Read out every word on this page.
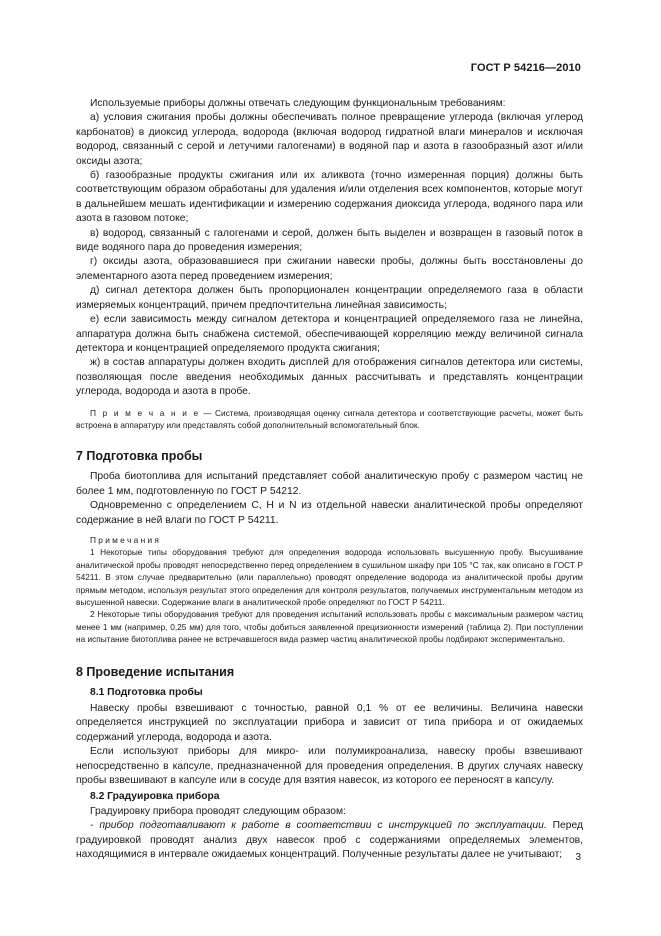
ГОСТ Р 54216—2010

Используемые приборы должны отвечать следующим функциональным требованиям:

а) условия сжигания пробы должны обеспечивать полное превращение углерода (включая углерод карбонатов) в диоксид углерода, водорода (включая водород гидратной влаги минералов и исключая водород, связанный с серой и летучими галогенами) в водяной пар и азота в газообразный азот и/или оксиды азота;

б) газообразные продукты сжигания или их аликвота (точно измеренная порция) должны быть соответствующим образом обработаны для удаления и/или отделения всех компонентов, которые могут в дальнейшем мешать идентификации и измерению содержания диоксида углерода, водяного пара или азота в газовом потоке;

в) водород, связанный с галогенами и серой, должен быть выделен и возвращен в газовый поток в виде водяного пара до проведения измерения;

г) оксиды азота, образовавшиеся при сжигании навески пробы, должны быть восстановлены до элементарного азота перед проведением измерения;

д) сигнал детектора должен быть пропорционален концентрации определяемого газа в области измеряемых концентраций, причем предпочтительна линейная зависимость;

е) если зависимость между сигналом детектора и концентрацией определяемого газа не линейна, аппаратура должна быть снабжена системой, обеспечивающей корреляцию между величиной сигнала детектора и концентрацией определяемого продукта сжигания;

ж) в состав аппаратуры должен входить дисплей для отображения сигналов детектора или системы, позволяющая после введения необходимых данных рассчитывать и представлять концентрации углерода, водорода и азота в пробе.

П р и м е ч а н и е — Система, производящая оценку сигнала детектора и соответствующие расчеты, может быть встроена в аппаратуру или представлять собой дополнительный вспомогательный блок.

7 Подготовка пробы

Проба биотоплива для испытаний представляет собой аналитическую пробу с размером частиц не более 1 мм, подготовленную по ГОСТ Р 54212.

Одновременно с определением С, Н и N из отдельной навески аналитической пробы определяют содержание в ней влаги по ГОСТ Р 54211.

П р и м е ч а н и я

1 Некоторые типы оборудования требуют для определения водорода использовать высушенную пробу. Высушивание аналитической пробы проводят непосредственно перед определением в сушильном шкафу при 105 °С так, как описано в ГОСТ Р 54211. В этом случае предварительно (или параллельно) проводят определение водорода из аналитической пробы другим прямым методом, используя результат этого определения для контроля результатов, получаемых инструментальным методом из высушенной навески. Содержание влаги в аналитической пробе определяют по ГОСТ Р 54211.

2 Некоторые типы оборудования требуют для проведения испытаний использовать пробы с максимальным размером частиц менее 1 мм (например, 0,25 мм) для того, чтобы добиться заявленной прецизионности измерений (таблица 2). При поступлении на испытание биотоплива ранее не встречавшегося вида размер частиц аналитической пробы подбирают экспериментально.

8 Проведение испытания
8.1 Подготовка пробы

Навеску пробы взвешивают с точностью, равной 0,1 % от ее величины. Величина навески определяется инструкцией по эксплуатации прибора и зависит от типа прибора и от ожидаемых содержаний углерода, водорода и азота.

Если используют приборы для микро- или полумикроанализа, навеску пробы взвешивают непосредственно в капсуле, предназначенной для проведения определения. В других случаях навеску пробы взвешивают в капсуле или в сосуде для взятия навесок, из которого ее переносят в капсулу.

8.2 Градуировка прибора

Градуировку прибора проводят следующим образом:

- прибор подготавливают к работе в соответствии с инструкцией по эксплуатации. Перед градуировкой проводят анализ двух навесок проб с содержаниями определяемых элементов, находящимися в интервале ожидаемых концентраций. Полученные результаты далее не учитывают;	3
